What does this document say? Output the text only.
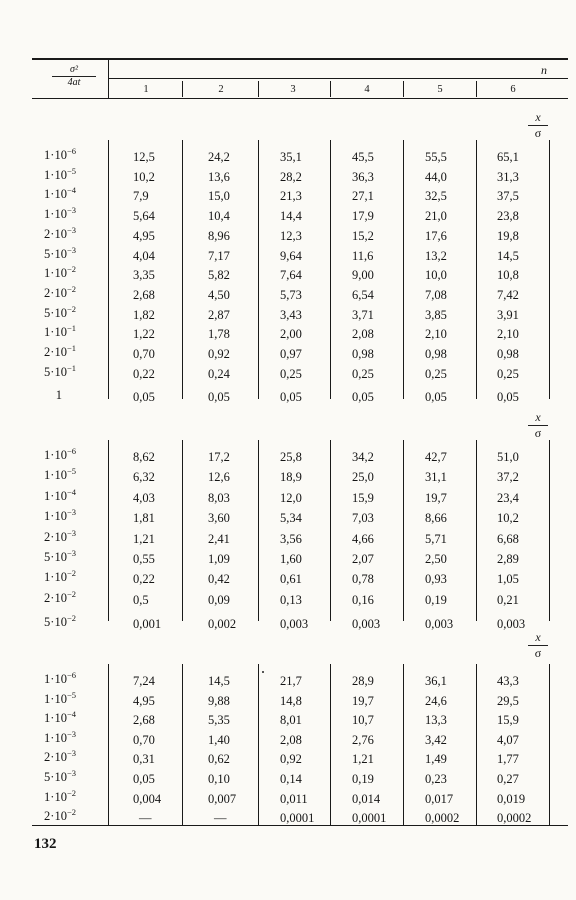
$\frac{\text{σ²}}{4at}$	n
1	2	3	4	5	6
$\frac{x}{\sigma}$
$1\cdot 10^{-6}$	12,5	24,2	35,1	45,5	55,5	65,1
$1\cdot 10^{-5}$	10,2	13,6	28,2	36,3	44,0	31,3
$1\cdot 10^{-4}$	7,9	15,0	21,3	27,1	32,5	37,5
$1\cdot 10^{-3}$	5,64	10,4	14,4	17,9	21,0	23,8
$2\cdot 10^{-3}$	4,95	8,96	12,3	15,2	17,6	19,8
$5\cdot 10^{-3}$	4,04	7,17	9,64	11,6	13,2	14,5
$1\cdot 10^{-2}$	3,35	5,82	7,64	9,00	10,0	10,8
$2\cdot 10^{-2}$	2,68	4,50	5,73	6,54	7,08	7,42
$5\cdot 10^{-2}$	1,82	2,87	3,43	3,71	3,85	3,91
$1\cdot 10^{-1}$	1,22	1,78	2,00	2,08	2,10	2,10
$2\cdot 10^{-1}$	0,70	0,92	0,97	0,98	0,98	0,98
$5\cdot 10^{-1}$	0,22	0,24	0,25	0,25	0,25	0,25
1	0,05	0,05	0,05	0,05	0,05	0,05
$\frac{x}{\sigma}$
$1\cdot 10^{-6}$	8,62	17,2	25,8	34,2	42,7	51,0
$1\cdot 10^{-5}$	6,32	12,6	18,9	25,0	31,1	37,2
$1\cdot 10^{-4}$	4,03	8,03	12,0	15,9	19,7	23,4
$1\cdot 10^{-3}$	1,81	3,60	5,34	7,03	8,66	10,2
$2\cdot 10^{-3}$	1,21	2,41	3,56	4,66	5,71	6,68
$5\cdot 10^{-3}$	0,55	1,09	1,60	2,07	2,50	2,89
$1\cdot 10^{-2}$	0,22	0,42	0,61	0,78	0,93	1,05
$2\cdot 10^{-2}$	0,5	0,09	0,13	0,16	0,19	0,21
$5\cdot 10^{-2}$	0,001	0,002	0,003	0,003	0,003	0,003
$\frac{x}{\sigma}$
$1\cdot 10^{-6}$	7,24	14,5	21,7	28,9	36,1	43,3
$1\cdot 10^{-5}$	4,95	9,88	14,8	19,7	24,6	29,5
$1\cdot 10^{-4}$	2,68	5,35	8,01	10,7	13,3	15,9
$1\cdot 10^{-3}$	0,70	1,40	2,08	2,76	3,42	4,07
$2\cdot 10^{-3}$	0,31	0,62	0,92	1,21	1,49	1,77
$5\cdot 10^{-3}$	0,05	0,10	0,14	0,19	0,23	0,27
$1\cdot 10^{-2}$	0,004	0,007	0,011	0,014	0,017	0,019
$2\cdot 10^{-2}$	—	—	0,0001	0,0001	0,0002	0,0002
132
